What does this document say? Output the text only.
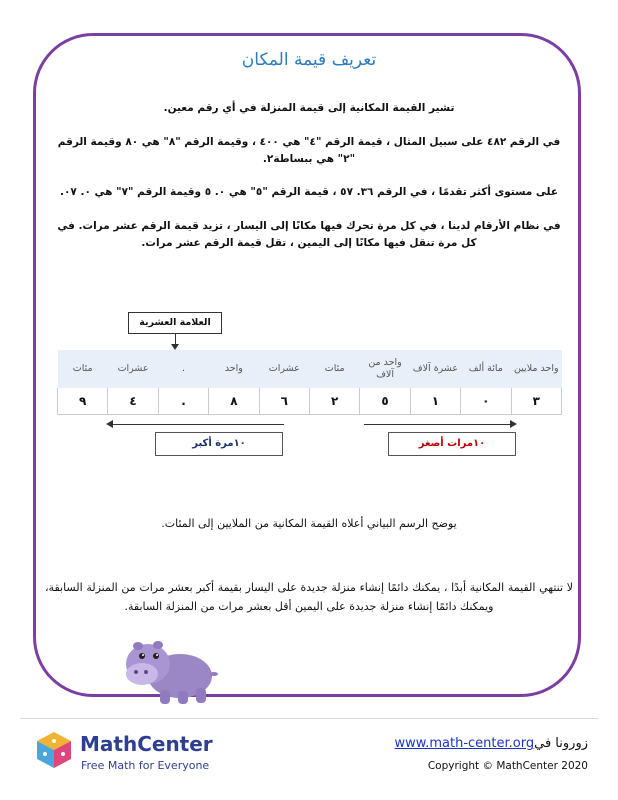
تعريف قيمة المكان
تشير القيمة المكانية إلى قيمة المنزلة في أي رقم معين.
في الرقم ٤٨٢ على سبيل المثال ، قيمة الرقم "٤" هي ٤٠٠ ، وقيمة الرقم "٨" هي ٨٠ وقيمة الرقم "٢" هي ببساطة٢.
على مستوى أكثر تقدمًا ، في الرقم ٣٦. ٥٧ ، قيمة الرقم "٥" هي ٠. ٥ وقيمة الرقم "٧" هي ٠. ٠٧.
في نظام الأرقام لدينا ، في كل مرة تحرك فيها مكانًا إلى اليسار ، تزيد قيمة الرقم عشر مرات. في كل مرة تنقل فيها مكانًا إلى اليمين ، تقل قيمة الرقم عشر مرات.
العلامة العشرية
مئات	عشرات	.	واحد	عشرات	مئات	واحد من آلاف	عشرة آلاف	مائة ألف	واحد ملايين
٩	٤	.	٨	٦	٢	٥	١	٠	٣
١٠مرة أكبر	١٠مرات أصغر
يوضح الرسم البياني أعلاه القيمة المكانية من الملايين إلى المئات.
لا تنتهي القيمة المكانية أبدًا ، يمكنك دائمًا إنشاء منزلة جديدة على اليسار بقيمة أكبر بعشر مرات من المنزلة السابقة، ويمكنك دائمًا إنشاء منزلة جديدة على اليمين أقل بعشر مرات من المنزلة السابقة.
MathCenter
Free Math for Everyone
زورونا فيwww.math-center.org
Copyright © MathCenter 2020
